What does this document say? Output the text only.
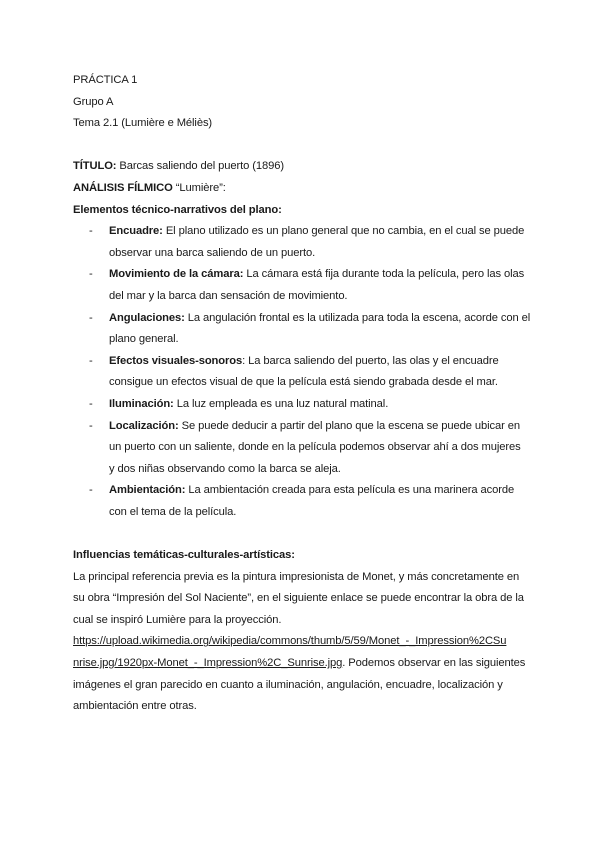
PRÁCTICA 1
Grupo A
Tema 2.1 (Lumière e Méliès)
TÍTULO: Barcas saliendo del puerto (1896)
ANÁLISIS FÍLMICO “Lumière”:
Elementos técnico-narrativos del plano:
- Encuadre: El plano utilizado es un plano general que no cambia, en el cual se puede
observar una barca saliendo de un puerto.
- Movimiento de la cámara: La cámara está fija durante toda la película, pero las olas
del mar y la barca dan sensación de movimiento.
- Angulaciones: La angulación frontal es la utilizada para toda la escena, acorde con el
plano general.
- Efectos visuales-sonoros: La barca saliendo del puerto, las olas y el encuadre
consigue un efectos visual de que la película está siendo grabada desde el mar.
- Iluminación: La luz empleada es una luz natural matinal.
- Localización: Se puede deducir a partir del plano que la escena se puede ubicar en
un puerto con un saliente, donde en la película podemos observar ahí a dos mujeres
y dos niñas observando como la barca se aleja.
- Ambientación: La ambientación creada para esta película es una marinera acorde
con el tema de la película.
Influencias temáticas-culturales-artísticas:
La principal referencia previa es la pintura impresionista de Monet, y más concretamente en
su obra “Impresión del Sol Naciente”, en el siguiente enlace se puede encontrar la obra de la
cual se inspiró Lumière para la proyección.
https://upload.wikimedia.org/wikipedia/commons/thumb/5/59/Monet_-_Impression%2CSu
nrise.jpg/1920px-Monet_-_Impression%2C_Sunrise.jpg. Podemos observar en las siguientes
imágenes el gran parecido en cuanto a iluminación, angulación, encuadre, localización y
ambientación entre otras.
